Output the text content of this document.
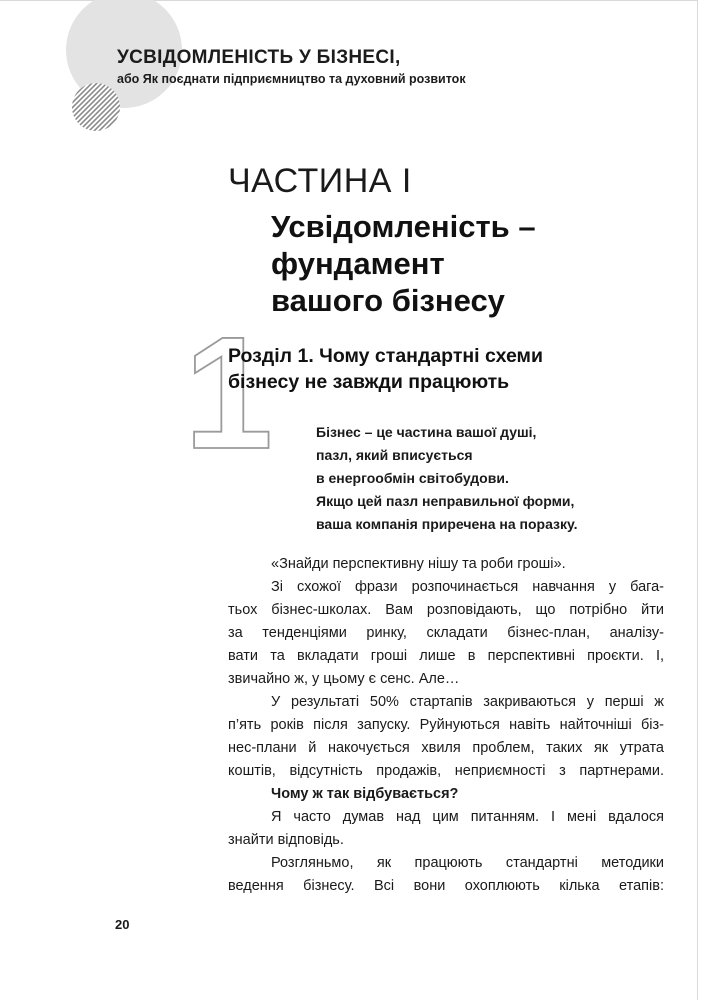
УСВІДОМЛЕНІСТЬ У БІЗНЕСІ,

або Як поєднати підприємництво та духовний розвиток

ЧАСТИНА І
Усвідомленість –
фундамент
вашого бізнесу
1
Розділ 1. Чому стандартні схеми
бізнесу не завжди працюють

Бізнес – це частина вашої душі,
пазл, який вписується
в енергообмін світобудови.
Якщо цей пазл неправильної форми,
ваша компанія приречена на поразку.

«Знайди перспективну нішу та роби гроші».
Зі схожої фрази розпочинається навчання у бага-
тьох бізнес-школах. Вам розповідають, що потрібно йти
за тенденціями ринку, складати бізнес-план, аналізу-
вати та вкладати гроші лише в перспективні проєкти. І,
звичайно ж, у цьому є сенс. Але…
У результаті 50% стартапів закриваються у перші ж
п’ять років після запуску. Руйнуються навіть найточніші біз-
нес-плани й накочується хвиля проблем, таких як утрата
коштів, відсутність продажів, неприємності з партнерами.
Чому ж так відбувається?
Я часто думав над цим питанням. І мені вдалося
знайти відповідь.
Розгляньмо, як працюють стандартні методики
ведення бізнесу. Всі вони охоплюють кілька етапів:

20
